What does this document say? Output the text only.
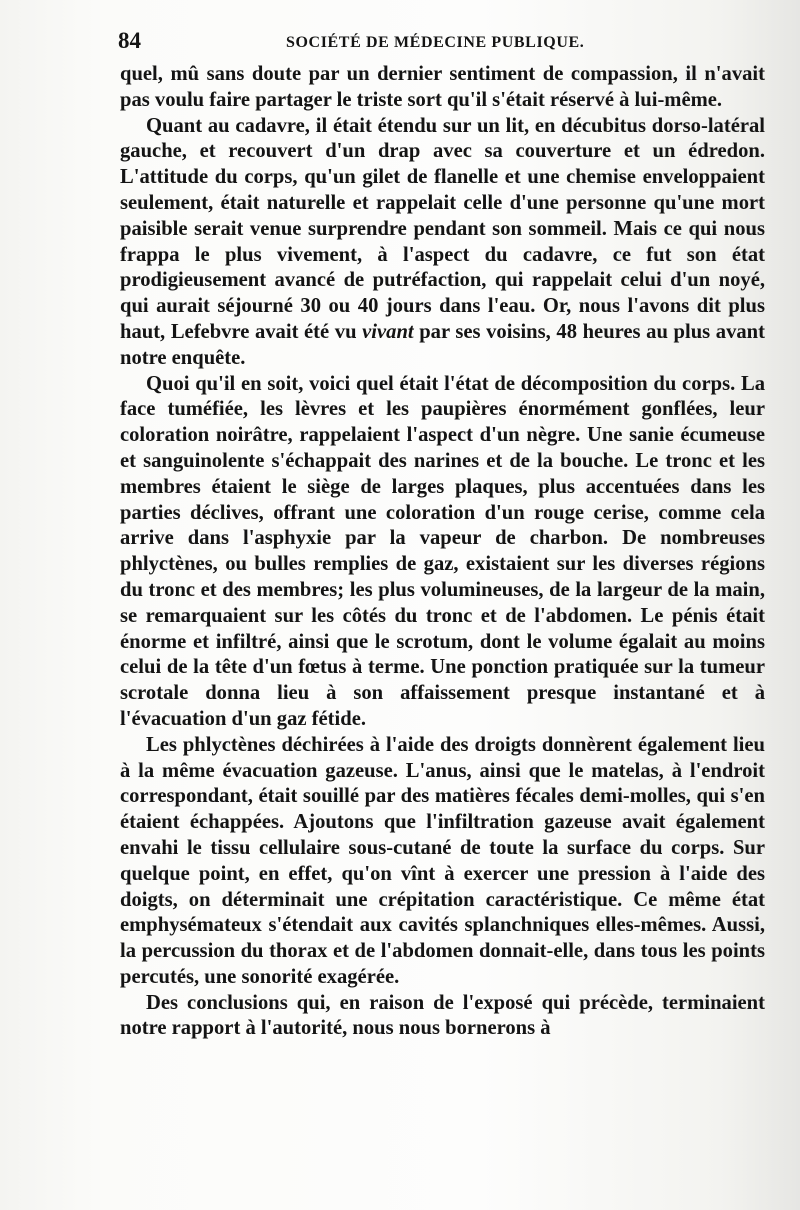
84	SOCIÉTÉ DE MÉDECINE PUBLIQUE.

quel, mû sans doute par un dernier sentiment de compassion, il n'avait pas voulu faire partager le triste sort qu'il s'était réservé à lui-même.

Quant au cadavre, il était étendu sur un lit, en décubitus dorso-latéral gauche, et recouvert d'un drap avec sa couverture et un édredon. L'attitude du corps, qu'un gilet de flanelle et une chemise enveloppaient seulement, était naturelle et rappelait celle d'une personne qu'une mort paisible serait venue surprendre pendant son sommeil. Mais ce qui nous frappa le plus vivement, à l'aspect du cadavre, ce fut son état prodigieusement avancé de putréfaction, qui rappelait celui d'un noyé, qui aurait séjourné 30 ou 40 jours dans l'eau. Or, nous l'avons dit plus haut, Lefebvre avait été vu vivant par ses voisins, 48 heures au plus avant notre enquête.

Quoi qu'il en soit, voici quel était l'état de décomposition du corps. La face tuméfiée, les lèvres et les paupières énormément gonflées, leur coloration noirâtre, rappelaient l'aspect d'un nègre. Une sanie écumeuse et sanguinolente s'échappait des narines et de la bouche. Le tronc et les membres étaient le siège de larges plaques, plus accentuées dans les parties déclives, offrant une coloration d'un rouge cerise, comme cela arrive dans l'asphyxie par la vapeur de charbon. De nombreuses phlyctènes, ou bulles remplies de gaz, existaient sur les diverses régions du tronc et des membres; les plus volumineuses, de la largeur de la main, se remarquaient sur les côtés du tronc et de l'abdomen. Le pénis était énorme et infiltré, ainsi que le scrotum, dont le volume égalait au moins celui de la tête d'un fœtus à terme. Une ponction pratiquée sur la tumeur scrotale donna lieu à son affaissement presque instantané et à l'évacuation d'un gaz fétide.

Les phlyctènes déchirées à l'aide des droigts donnèrent également lieu à la même évacuation gazeuse. L'anus, ainsi que le matelas, à l'endroit correspondant, était souillé par des matières fécales demi-molles, qui s'en étaient échappées. Ajoutons que l'infiltration gazeuse avait également envahi le tissu cellulaire sous-cutané de toute la surface du corps. Sur quelque point, en effet, qu'on vînt à exercer une pression à l'aide des doigts, on déterminait une crépitation caractéristique. Ce même état emphysémateux s'étendait aux cavités splanchniques elles-mêmes. Aussi, la percussion du thorax et de l'abdomen donnait-elle, dans tous les points percutés, une sonorité exagérée.

Des conclusions qui, en raison de l'exposé qui précède, terminaient notre rapport à l'autorité, nous nous bornerons à
